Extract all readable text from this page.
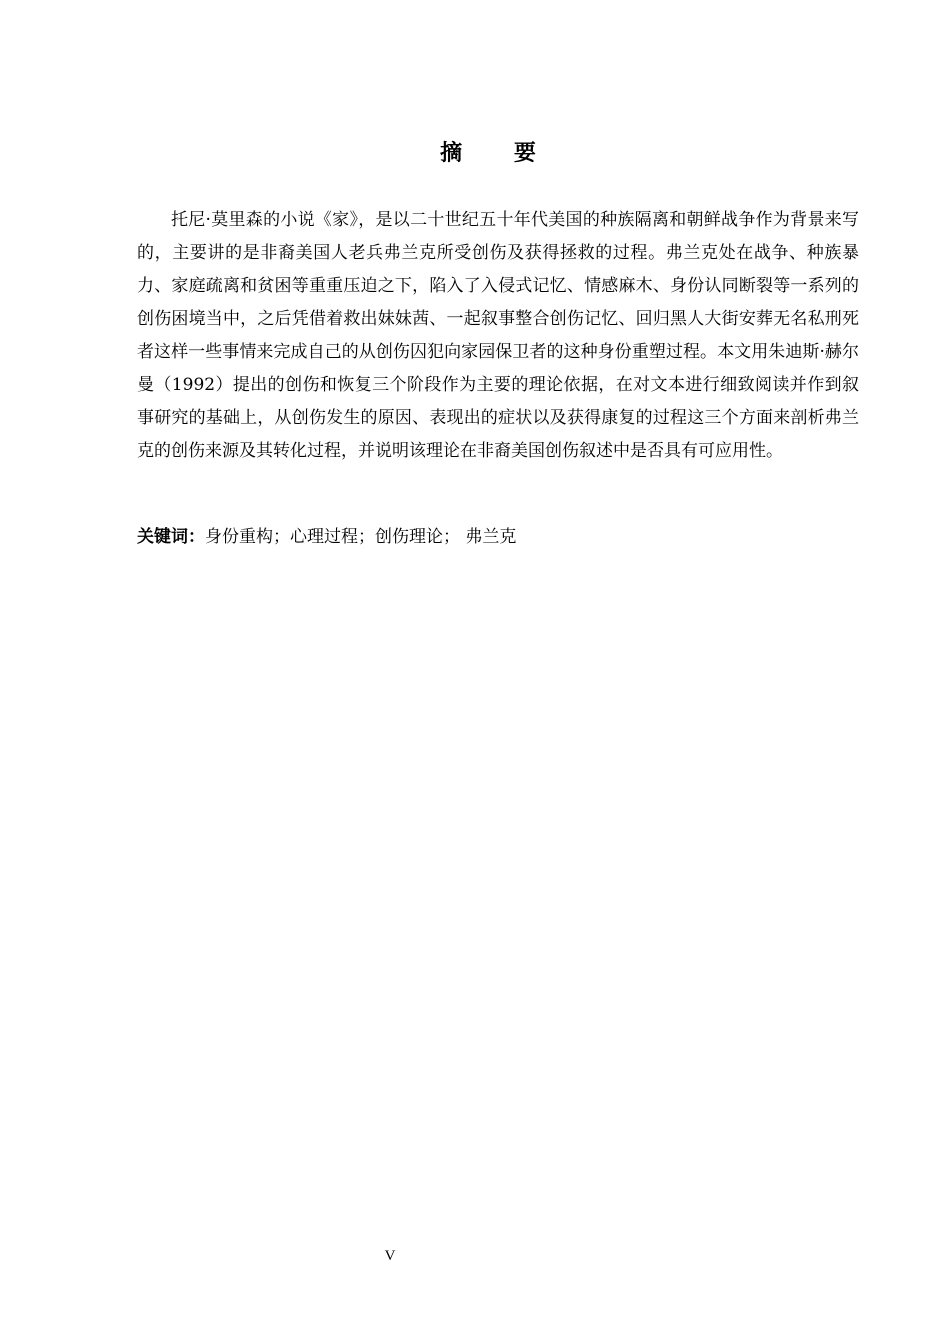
摘 要

托尼·莫里森的小说《家》，是以二十世纪五十年代美国的种族隔离和朝鲜战争作为背景来写的，主要讲的是非裔美国人老兵弗兰克所受创伤及获得拯救的过程。弗兰克处在战争、种族暴力、家庭疏离和贫困等重重压迫之下，陷入了入侵式记忆、情感麻木、身份认同断裂等一系列的创伤困境当中，之后凭借着救出妹妹茜、一起叙事整合创伤记忆、回归黑人大街安葬无名私刑死者这样一些事情来完成自己的从创伤囚犯向家园保卫者的这种身份重塑过程。本文用朱迪斯·赫尔曼（1992）提出的创伤和恢复三个阶段作为主要的理论依据，在对文本进行细致阅读并作到叙事研究的基础上，从创伤发生的原因、表现出的症状以及获得康复的过程这三个方面来剖析弗兰克的创伤来源及其转化过程，并说明该理论在非裔美国创伤叙述中是否具有可应用性。

关键词：身份重构；心理过程；创伤理论； 弗兰克

V
